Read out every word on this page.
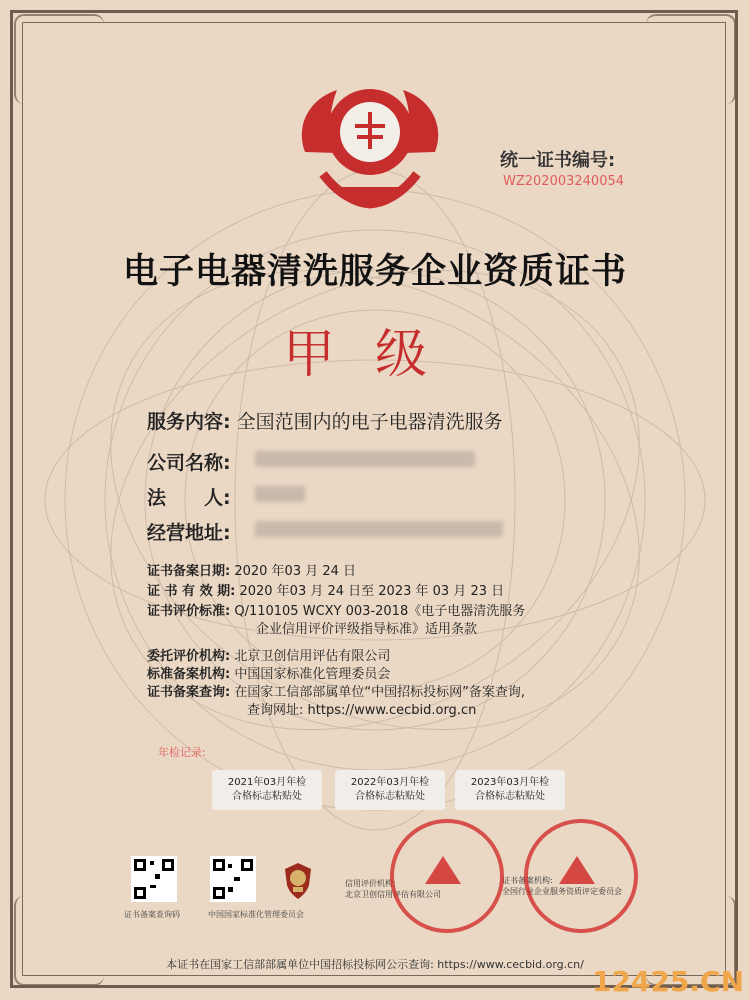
统一证书编号:
WZ202003240054
电子电器清洗服务企业资质证书
甲级
服务内容: 全国范围内的电子电器清洗服务
公司名称:
法　　人:
经营地址:
证书备案日期: 2020 年03 月 24 日
证 书 有 效 期: 2020 年03 月 24 日至 2023 年 03 月 23 日
证书评价标准: Q/110105 WCXY 003-2018《电子电器清洗服务
企业信用评价评级指导标准》适用条款
委托评价机构: 北京卫创信用评估有限公司
标准备案机构: 中国国家标准化管理委员会
证书备案查询: 在国家工信部部属单位“中国招标投标网”备案查询,
查询网址: https://www.cecbid.org.cn
年检记录:
2021年03月年检
合格标志粘贴处
2022年03月年检
合格标志粘贴处
2023年03月年检
合格标志粘贴处
证书备案查询码	中国国家标准化管理委员会
信用评价机构:
北京卫创信用评估有限公司
证书备案机构:
全国行业企业服务资质评定委员会
本证书在国家工信部部属单位中国招标投标网公示查询: https://www.cecbid.org.cn/
12425.CN
